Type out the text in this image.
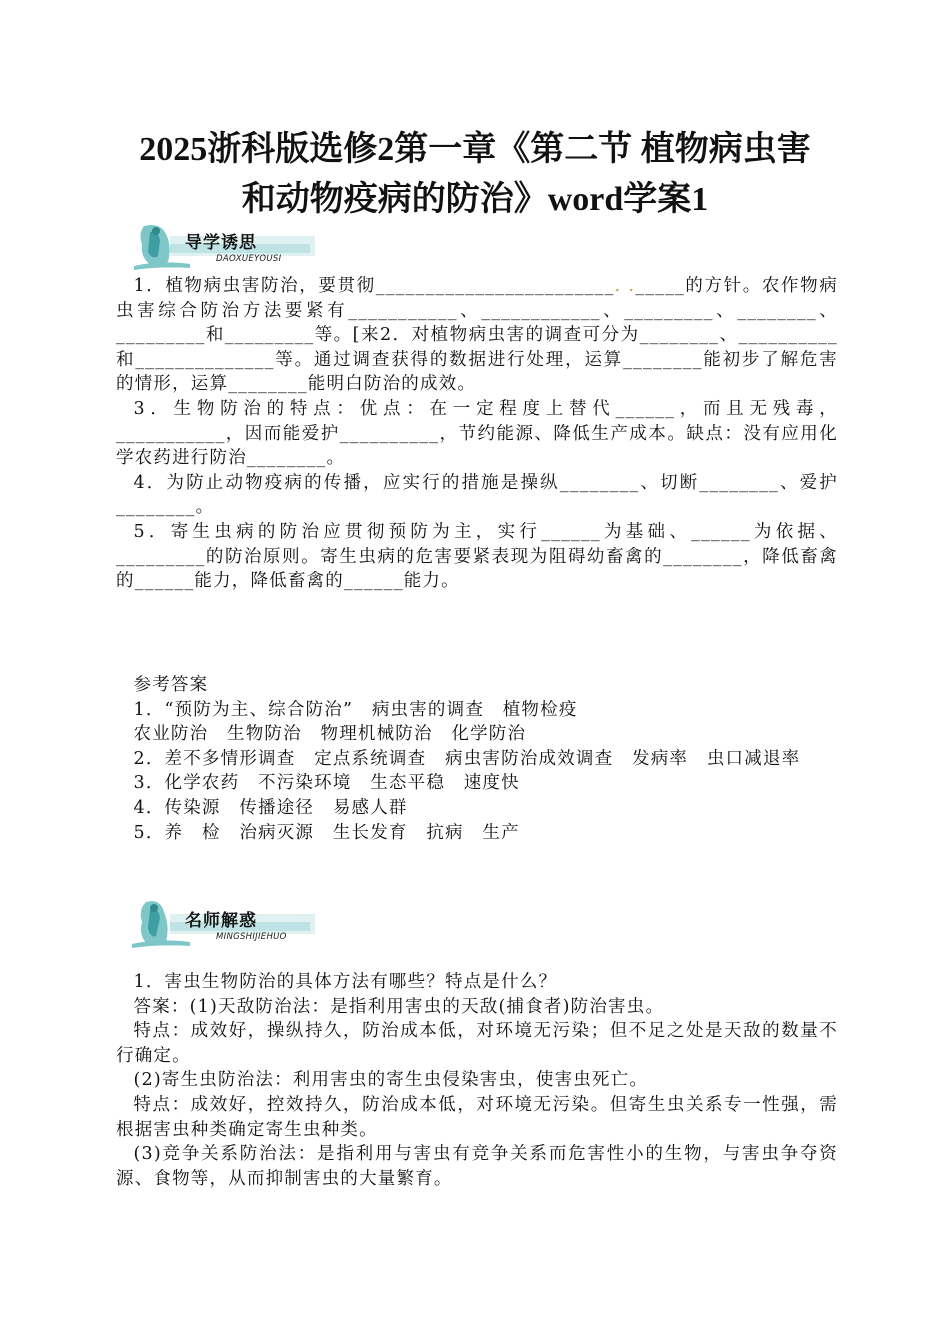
2025浙科版选修2第一章《第二节 植物病虫害
和动物疫病的防治》word学案1
导学诱思
DAOXUEYOUSI

1．植物病虫害防治，要贯彻________________________. ._____的方针。农作物病虫害综合防治方法要紧有___________、____________、_________、________、_________和_________等。[来2．对植物病虫害的调查可分为________、__________和______________等。通过调查获得的数据进行处理，运算________能初步了解危害的情形，运算________能明白防治的成效。

3．生物防治的特点：优点：在一定程度上替代______，而且无残毒，___________，因而能爱护__________，节约能源、降低生产成本。缺点：没有应用化学农药进行防治________。

4．为防止动物疫病的传播，应实行的措施是操纵________、切断________、爱护________。

5．寄生虫病的防治应贯彻预防为主，实行______为基础、______为依据、_________的防治原则。寄生虫病的危害要紧表现为阻碍幼畜禽的________，降低畜禽的______能力，降低畜禽的______能力。

参考答案

1．“预防为主、综合防治”　病虫害的调查　植物检疫

农业防治　生物防治　物理机械防治　化学防治

2．差不多情形调查　定点系统调查　病虫害防治成效调查　发病率　虫口减退率

3．化学农药　不污染环境　生态平稳　速度快

4．传染源　传播途径　易感人群

5．养　检　治病灭源　生长发育　抗病　生产

名师解惑
MINGSHIJIEHUO

1．害虫生物防治的具体方法有哪些？特点是什么？

答案：(1)天敌防治法：是指利用害虫的天敌(捕食者)防治害虫。

特点：成效好，操纵持久，防治成本低，对环境无污染；但不足之处是天敌的数量不行确定。

(2)寄生虫防治法：利用害虫的寄生虫侵染害虫，使害虫死亡。

特点：成效好，控效持久，防治成本低，对环境无污染。但寄生虫关系专一性强，需根据害虫种类确定寄生虫种类。

(3)竞争关系防治法：是指利用与害虫有竞争关系而危害性小的生物，与害虫争夺资源、食物等，从而抑制害虫的大量繁育。
